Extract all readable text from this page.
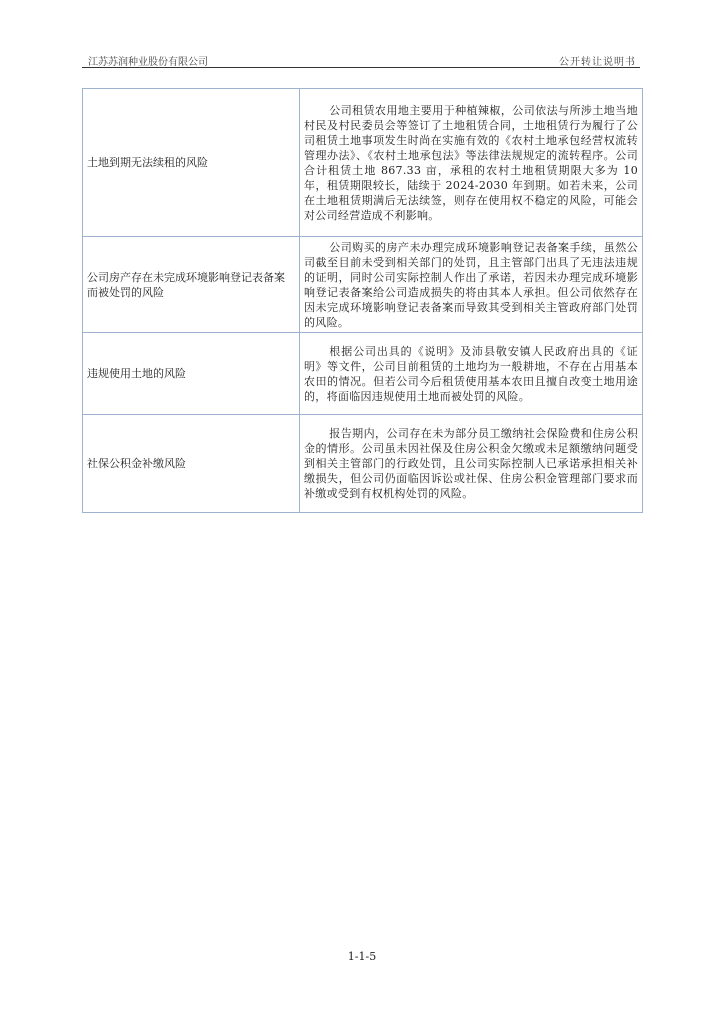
江苏苏润种业股份有限公司	公开转让说明书
土地到期无法续租的风险	公司租赁农用地主要用于种植辣椒，公司依法与所涉土地当地村民及村民委员会等签订了土地租赁合同，土地租赁行为履行了公司租赁土地事项发生时尚在实施有效的《农村土地承包经营权流转管理办法》、《农村土地承包法》等法律法规规定的流转程序。公司合计租赁土地 867.33 亩，承租的农村土地租赁期限大多为 10 年，租赁期限较长，陆续于 2024-2030 年到期。如若未来，公司在土地租赁期满后无法续签，则存在使用权不稳定的风险，可能会对公司经营造成不利影响。
公司房产存在未完成环境影响登记表备案而被处罚的风险	公司购买的房产未办理完成环境影响登记表备案手续，虽然公司截至目前未受到相关部门的处罚，且主管部门出具了无违法违规的证明，同时公司实际控制人作出了承诺，若因未办理完成环境影响登记表备案给公司造成损失的将由其本人承担。但公司依然存在因未完成环境影响登记表备案而导致其受到相关主管政府部门处罚的风险。
违规使用土地的风险	根据公司出具的《说明》及沛县敬安镇人民政府出具的《证明》等文件，公司目前租赁的土地均为一般耕地，不存在占用基本农田的情况。但若公司今后租赁使用基本农田且擅自改变土地用途的，将面临因违规使用土地而被处罚的风险。
社保公积金补缴风险	报告期内，公司存在未为部分员工缴纳社会保险费和住房公积金的情形。公司虽未因社保及住房公积金欠缴或未足额缴纳问题受到相关主管部门的行政处罚，且公司实际控制人已承诺承担相关补缴损失，但公司仍面临因诉讼或社保、住房公积金管理部门要求而补缴或受到有权机构处罚的风险。
1-1-5
